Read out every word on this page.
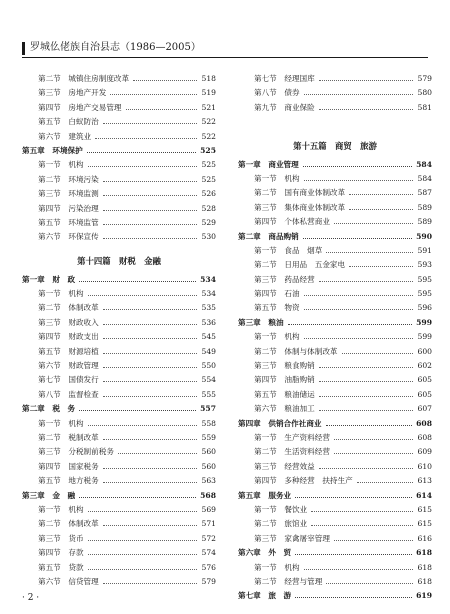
罗城仫佬族自治县志（1986—2005）
第二节　城镇住房制度改革	518
第三节　房地产开发	519
第四节　房地产交易管理	521
第五节　白蚁防治	522
第六节　建筑业	522
第五章　环境保护	525
第一节　机构	525
第二节　环境污染	525
第三节　环境监测	526
第四节　污染治理	528
第五节　环境监管	529
第六节　环保宣传	530
第十四篇　财税　金融
第一章　财　政	534
第一节　机构	534
第二节　体制改革	535
第三节　财政收入	536
第四节　财政支出	545
第五节　财源培植	549
第六节　财政管理	550
第七节　国债发行	554
第八节　监督检查	555
第二章　税　务	557
第一节　机构	558
第二节　税制改革	559
第三节　分税制前税务	560
第四节　国家税务	560
第五节　地方税务	563
第三章　金　融	568
第一节　机构	569
第二节　体制改革	571
第三节　货币	572
第四节　存款	574
第五节　贷款	576
第六节　信贷管理	579
第七节　经理国库	579
第八节　债券	580
第九节　商业保险	581
第十五篇　商贸　旅游
第一章　商业管理	584
第一节　机构	584
第二节　国有商业体制改革	587
第三节　集体商业体制改革	589
第四节　个体私营商业	589
第二章　商品购销	590
第一节　食品　烟草	591
第二节　日用品　五金家电	593
第三节　药品经营	595
第四节　石油	595
第五节　物资	596
第三章　粮油	599
第一节　机构	599
第二节　体制与体制改革	600
第三节　粮食购销	602
第四节　油脂购销	605
第五节　粮油储运	605
第六节　粮油加工	607
第四章　供销合作社商业	608
第一节　生产资料经营	608
第二节　生活资料经营	609
第三节　经营效益	610
第四节　多种经营　扶持生产	613
第五章　服务业	614
第一节　餐饮业	615
第二节　旅馆业	615
第三节　家禽屠宰管理	616
第六章　外　贸	618
第一节　机构	618
第二节　经营与管理	618
第七章　旅　游	619
· 2 ·
